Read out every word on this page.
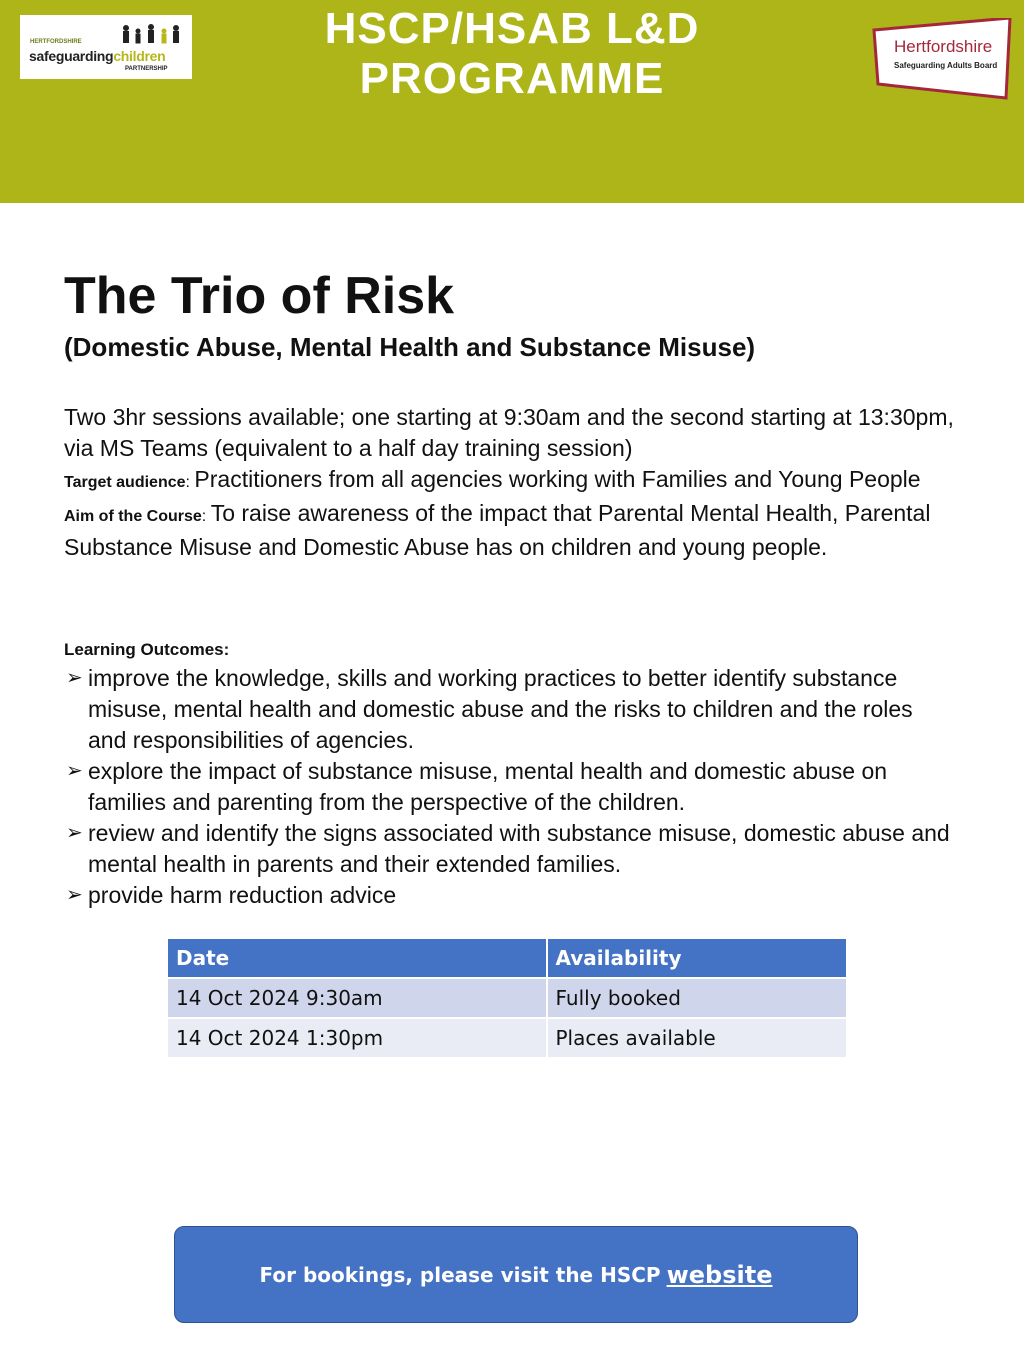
HERTFORDSHIRE
safeguardingchildren
PARTNERSHIP
HSCP/HSAB L&D
PROGRAMME
Hertfordshire
Safeguarding Adults Board
The Trio of Risk
(Domestic Abuse, Mental Health and Substance Misuse)

Two 3hr sessions available; one starting at 9:30am and the second starting at 13:30pm, via MS Teams (equivalent to a half day training session)

Target audience: Practitioners from all agencies working with Families and Young People

Aim of the Course: To raise awareness of the impact that Parental Mental Health, Parental Substance Misuse and Domestic Abuse has on children and young people.

Learning Outcomes:
➢ improve the knowledge, skills and working practices to better identify substance misuse, mental health and domestic abuse and the risks to children and the roles and responsibilities of agencies.
➢ explore the impact of substance misuse, mental health and domestic abuse on families and parenting from the perspective of the children.
➢ review and identify the signs associated with substance misuse, domestic abuse and mental health in parents and their extended families.
➢ provide harm reduction advice
Date	Availability
14 Oct 2024 9:30am	Fully booked
14 Oct 2024 1:30pm	Places available
For bookings, please visit the HSCP website
